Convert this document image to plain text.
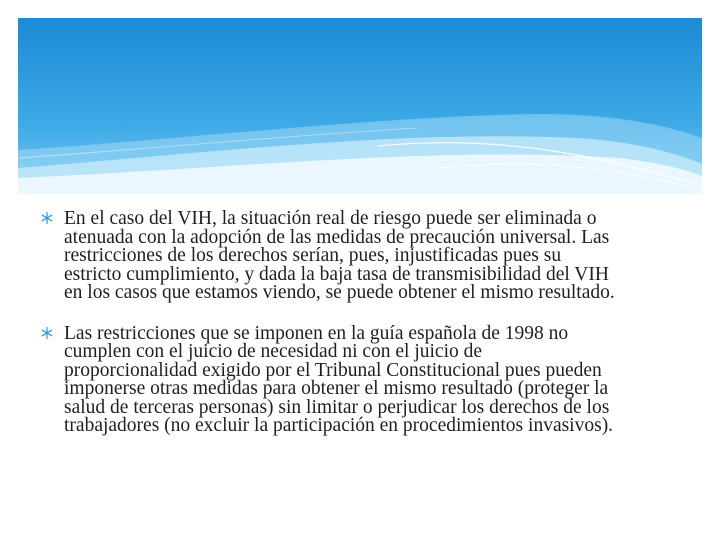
En el caso del VIH, la situación real de riesgo puede ser eliminada o
atenuada con la adopción de las medidas de precaución universal. Las
restricciones de los derechos serían, pues, injustificadas pues su
estricto cumplimiento, y dada la baja tasa de transmisibilidad del VIH
en los casos que estamos viendo, se puede obtener el mismo resultado.
Las restricciones que se imponen en la guía española de 1998 no
cumplen con el juicio de necesidad ni con el juicio de
proporcionalidad exigido por el Tribunal Constitucional pues pueden
imponerse otras medidas para obtener el mismo resultado (proteger la
salud de terceras personas) sin limitar o perjudicar los derechos de los
trabajadores (no excluir la participación en procedimientos invasivos).
